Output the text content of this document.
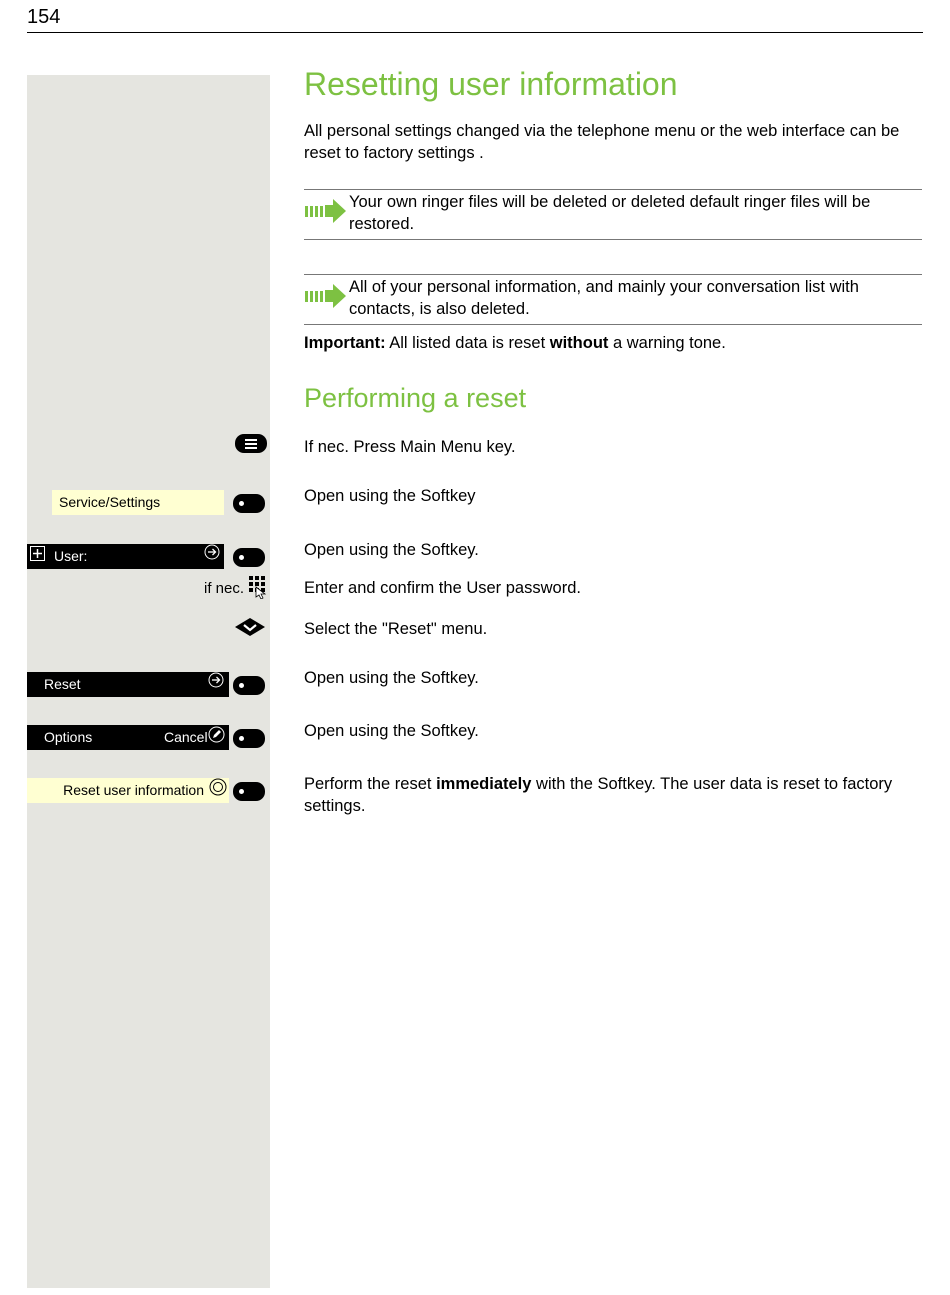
154
Resetting user information

All personal settings changed via the telephone menu or the web interface can be reset to factory settings .

Your own ringer files will be deleted or deleted default ringer files will be restored.

All of your personal information, and mainly your conversation list with contacts, is also deleted.

Important: All listed data is reset without a warning tone.

Performing a reset

If nec. Press Main Menu key.

Service/Settings	Open using the Softkey

User:	Open using the Softkey.

if nec.	Enter and confirm the User password.

Select the "Reset" menu.

Reset	Open using the Softkey.

Options	Cancel	Open using the Softkey.

Reset user information	Perform the reset immediately with the Softkey. The user data is reset to factory settings.
